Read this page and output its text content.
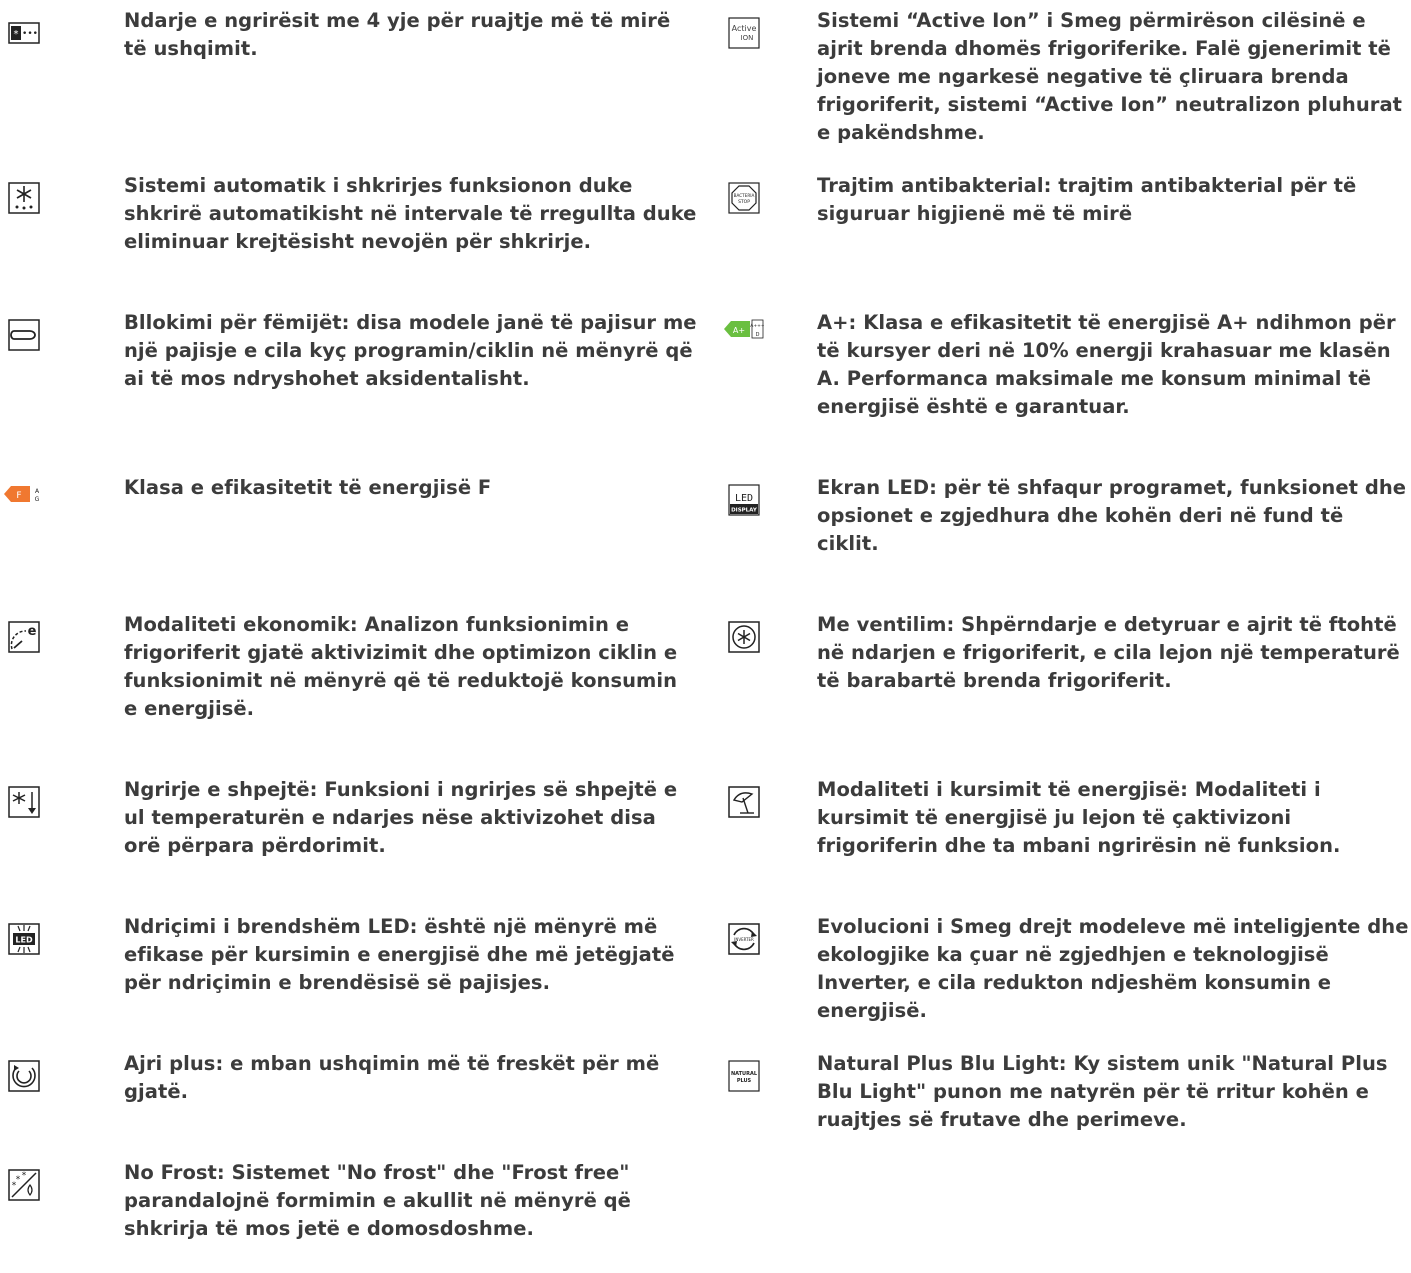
* •••
Ndarje e ngrirësit me 4 yje për ruajtje më të mirë të ushqimit.
Sistemi automatik i shkrirjes funksionon duke shkrirë automatikisht në intervale të rregullta duke eliminuar krejtësisht nevojën për shkrirje.
Bllokimi për fëmijët: disa modele janë të pajisur me një pajisje e cila kyç programin/ciklin në mënyrë që ai të mos ndryshohet aksidentalisht.
F A
G
Klasa e efikasitetit të energjisë F
e	Modaliteti ekonomik: Analizon funksionimin e frigoriferit gjatë aktivizimit dhe optimizon ciklin e funksionimit në mënyrë që të reduktojë konsumin e energjisë.
Ngrirje e shpejtë: Funksioni i ngrirjes së shpejtë e ul temperaturën e ndarjes nëse aktivizohet disa orë përpara përdorimit.
LED
Ndriçimi i brendshëm LED: është një mënyrë më efikase për kursimin e energjisë dhe më jetëgjatë për ndriçimin e brendësisë së pajisjes.
Ajri plus: e mban ushqimin më të freskët për më gjatë.
* *
*
No Frost: Sistemet "No frost" dhe "Frost free" parandalojnë formimin e akullit në mënyrë që shkrirja të mos jetë e domosdoshme.
Active
ION
Sistemi “Active Ion” i Smeg përmirëson cilësinë e ajrit brenda dhomës frigoriferike. Falë gjenerimit të joneve me ngarkesë negative të çliruara brenda frigoriferit, sistemi “Active Ion” neutralizon pluhurat e pakëndshme.
BACTERIA
STOP
Trajtim antibakterial: trajtim antibakterial për të siguruar higjienë më të mirë
A+ A+++
D
A+: Klasa e efikasitetit të energjisë A+ ndihmon për të kursyer deri në 10% energji krahasuar me klasën A. Performanca maksimale me konsum minimal të energjisë është e garantuar.
LED
DISPLAY
Ekran LED: për të shfaqur programet, funksionet dhe opsionet e zgjedhura dhe kohën deri në fund të ciklit.
Me ventilim: Shpërndarje e detyruar e ajrit të ftohtë në ndarjen e frigoriferit, e cila lejon një temperaturë të barabartë brenda frigoriferit.
Modaliteti i kursimit të energjisë: Modaliteti i kursimit të energjisë ju lejon të çaktivizoni frigoriferin dhe ta mbani ngrirësin në funksion.
INVERTER
Evolucioni i Smeg drejt modeleve më inteligjente dhe ekologjike ka çuar në zgjedhjen e teknologjisë Inverter, e cila redukton ndjeshëm konsumin e energjisë.
NATURAL
PLUS
Natural Plus Blu Light: Ky sistem unik "Natural Plus Blu Light" punon me natyrën për të rritur kohën e ruajtjes së frutave dhe perimeve.
